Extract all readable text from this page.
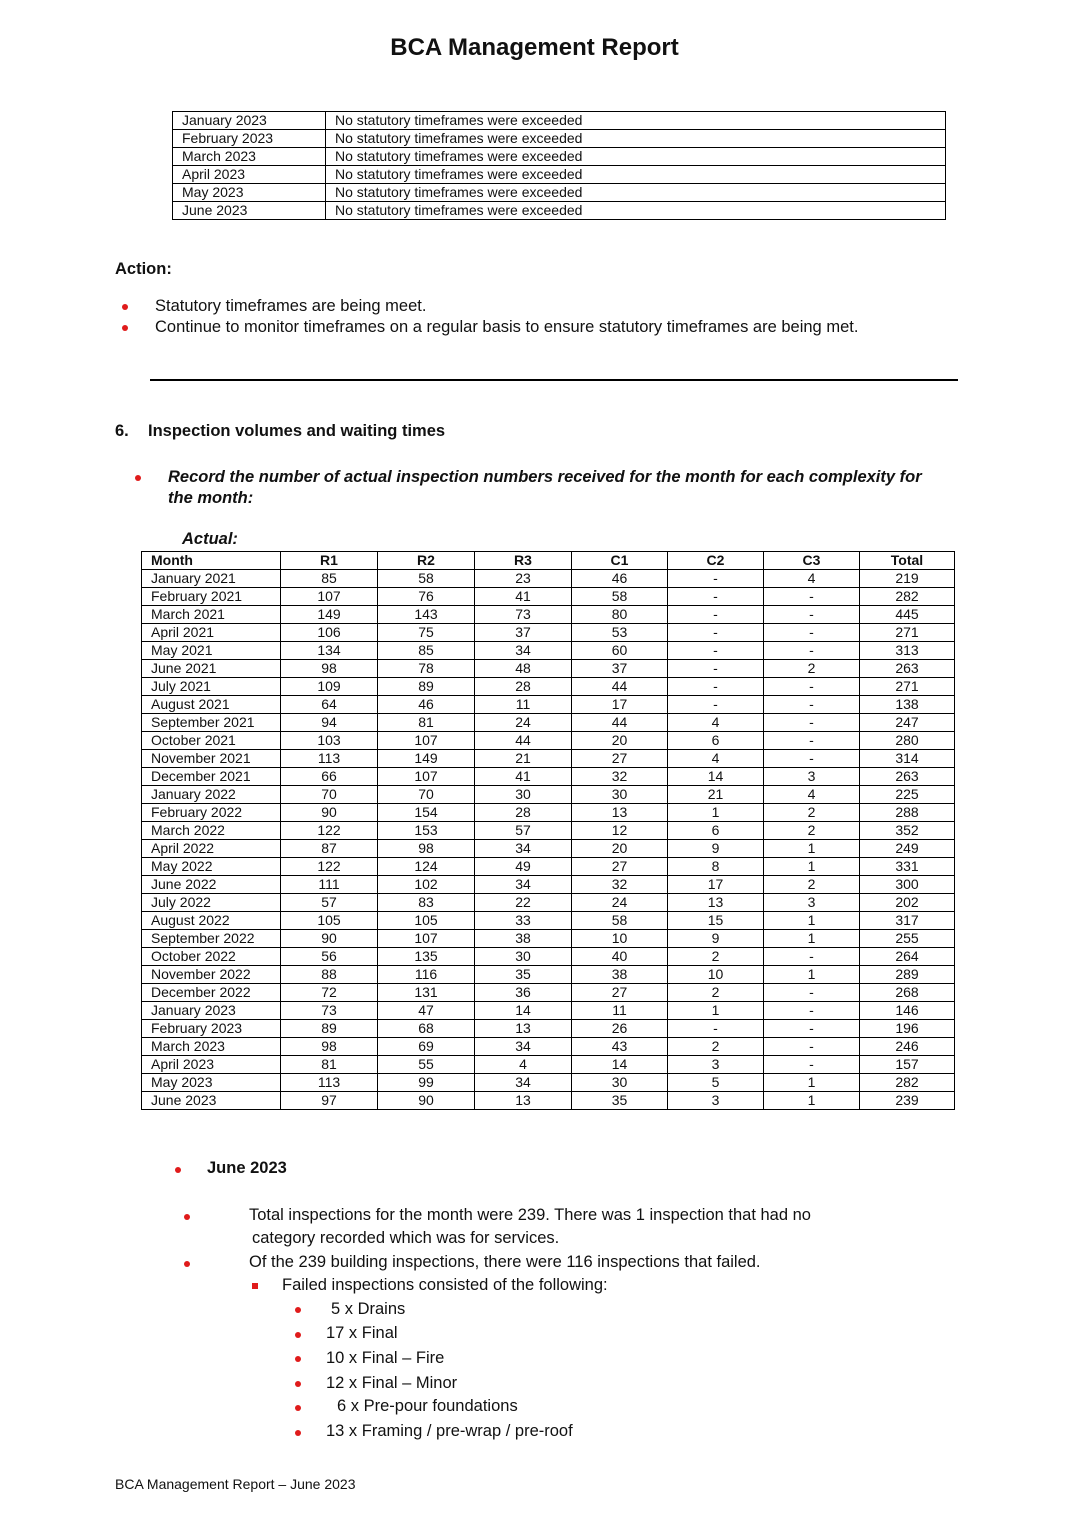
BCA Management Report
January 2023	No statutory timeframes were exceeded
February 2023	No statutory timeframes were exceeded
March 2023	No statutory timeframes were exceeded
April 2023	No statutory timeframes were exceeded
May 2023	No statutory timeframes were exceeded
June 2023	No statutory timeframes were exceeded
Action:
Statutory timeframes are being meet.
Continue to monitor timeframes on a regular basis to ensure statutory timeframes are being met.
6. Inspection volumes and waiting times
Record the number of actual inspection numbers received for the month for each complexity for the month:
Actual:
Month	R1	R2	R3	C1	C2	C3	Total
January 2021	85	58	23	46	-	4	219
February 2021	107	76	41	58	-	-	282
March 2021	149	143	73	80	-	-	445
April 2021	106	75	37	53	-	-	271
May 2021	134	85	34	60	-	-	313
June 2021	98	78	48	37	-	2	263
July 2021	109	89	28	44	-	-	271
August 2021	64	46	11	17	-	-	138
September 2021	94	81	24	44	4	-	247
October 2021	103	107	44	20	6	-	280
November 2021	113	149	21	27	4	-	314
December 2021	66	107	41	32	14	3	263
January 2022	70	70	30	30	21	4	225
February 2022	90	154	28	13	1	2	288
March 2022	122	153	57	12	6	2	352
April 2022	87	98	34	20	9	1	249
May 2022	122	124	49	27	8	1	331
June 2022	111	102	34	32	17	2	300
July 2022	57	83	22	24	13	3	202
August 2022	105	105	33	58	15	1	317
September 2022	90	107	38	10	9	1	255
October 2022	56	135	30	40	2	-	264
November 2022	88	116	35	38	10	1	289
December 2022	72	131	36	27	2	-	268
January 2023	73	47	14	11	1	-	146
February 2023	89	68	13	26	-	-	196
March 2023	98	69	34	43	2	-	246
April 2023	81	55	4	14	3	-	157
May 2023	113	99	34	30	5	1	282
June 2023	97	90	13	35	3	1	239
June 2023
Total inspections for the month were 239. There was 1 inspection that had no
category recorded which was for services.
Of the 239 building inspections, there were 116 inspections that failed.
Failed inspections consisted of the following:
5 x Drains
17 x Final
10 x Final – Fire
12 x Final – Minor
6 x Pre-pour foundations
13 x Framing / pre-wrap / pre-roof
BCA Management Report – June 2023
